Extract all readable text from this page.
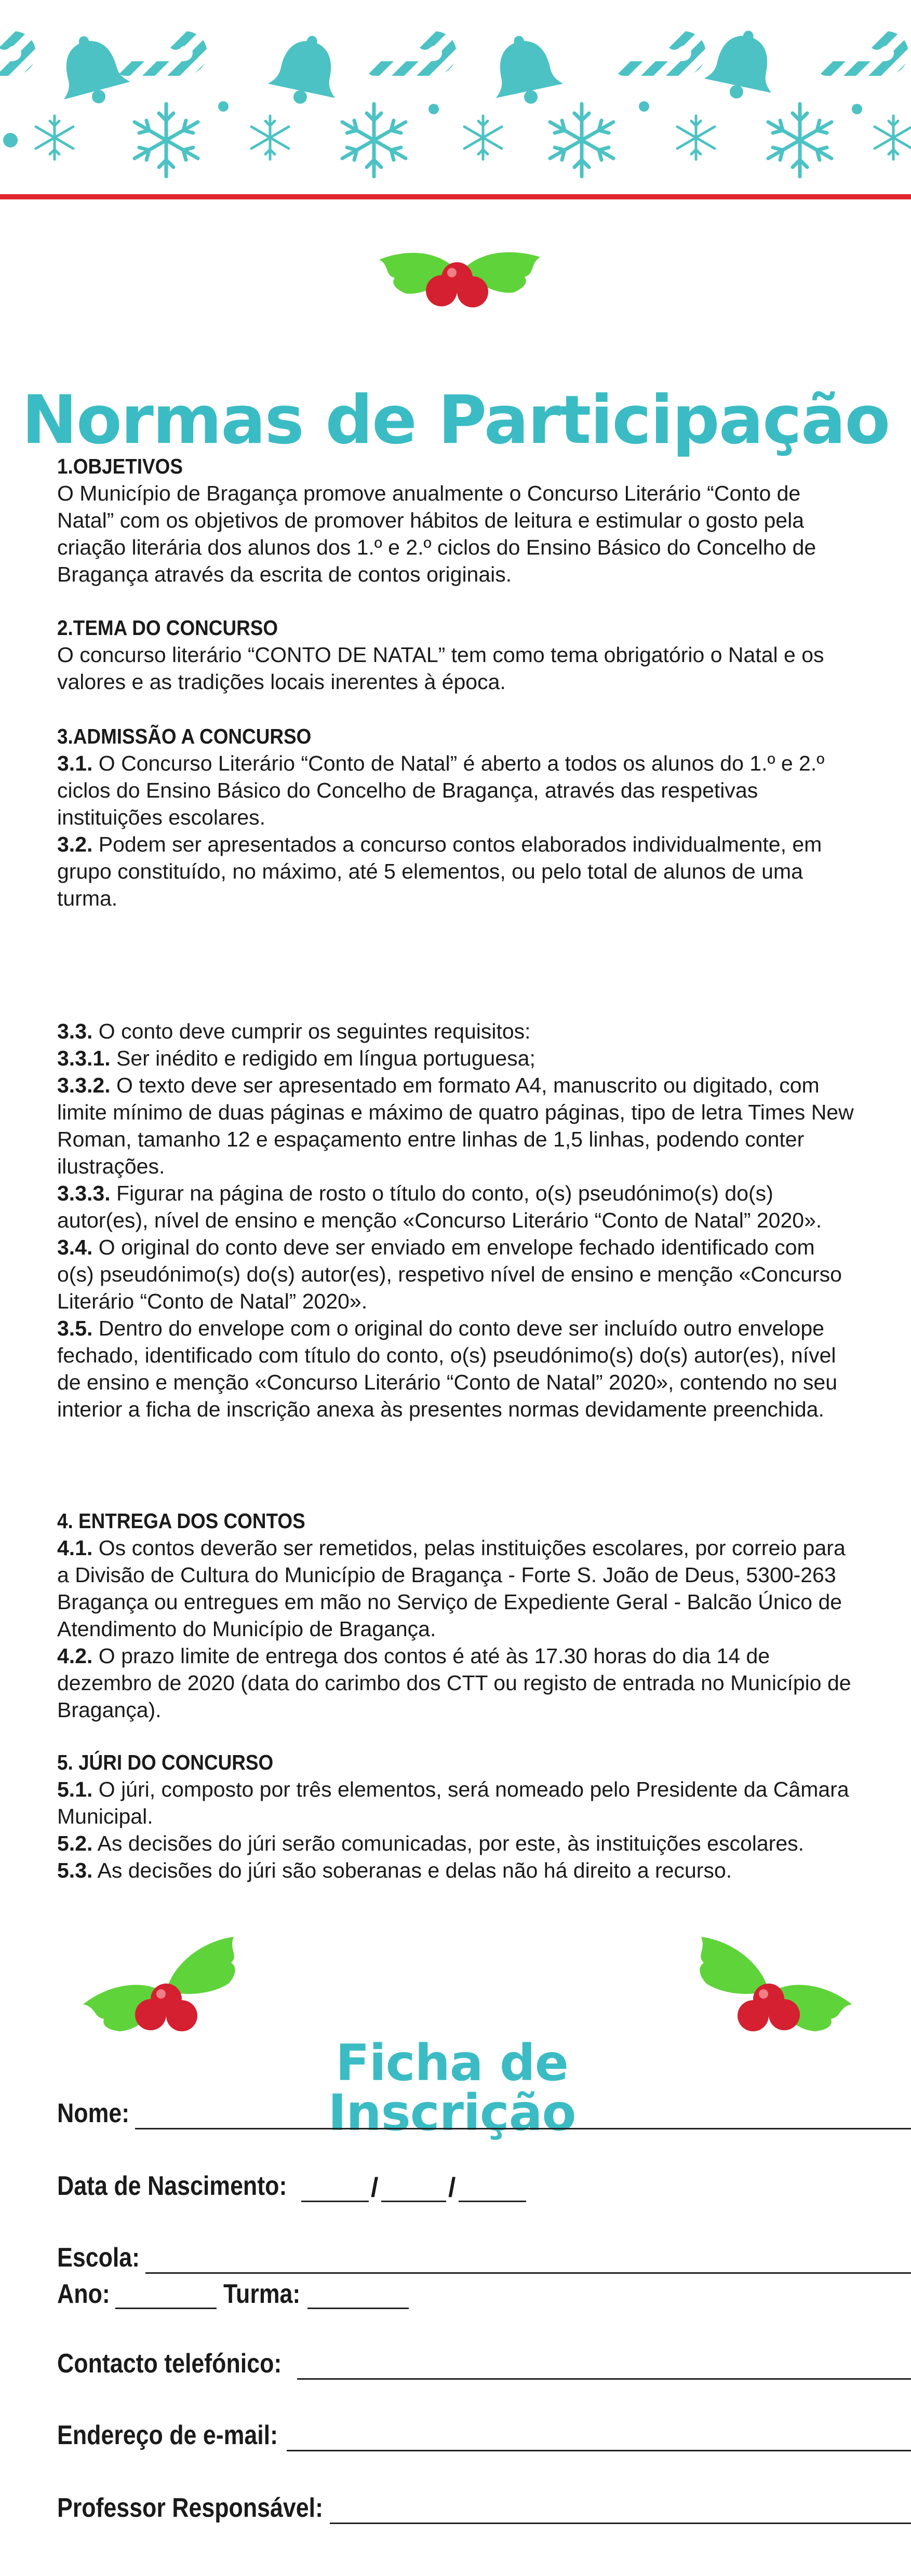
Normas de Participação

1.OBJETIVOS

O Município de Bragança promove anualmente o Concurso Literário “Conto de Natal” com os objetivos de promover hábitos de leitura e estimular o gosto pela criação literária dos alunos dos 1.º e 2.º ciclos do Ensino Básico do Concelho de Bragança através da escrita de contos originais.

2.TEMA DO CONCURSO

O concurso literário “CONTO DE NATAL” tem como tema obrigatório o Natal e os valores e as tradições locais inerentes à época.

3.ADMISSÃO A CONCURSO

3.1. O Concurso Literário “Conto de Natal” é aberto a todos os alunos do 1.º e 2.º ciclos do Ensino Básico do Concelho de Bragança, através das respetivas instituições escolares.

3.2. Podem ser apresentados a concurso contos elaborados individualmente, em grupo constituído, no máximo, até 5 elementos, ou pelo total de alunos de uma turma.

3.3. O conto deve cumprir os seguintes requisitos:

3.3.1. Ser inédito e redigido em língua portuguesa;

3.3.2. O texto deve ser apresentado em formato A4, manuscrito ou digitado, com limite mínimo de duas páginas e máximo de quatro páginas, tipo de letra Times New Roman, tamanho 12 e espaçamento entre linhas de 1,5 linhas, podendo conter ilustrações.

3.3.3. Figurar na página de rosto o título do conto, o(s) pseudónimo(s) do(s) autor(es), nível de ensino e menção «Concurso Literário “Conto de Natal” 2020».

3.4. O original do conto deve ser enviado em envelope fechado identificado com o(s) pseudónimo(s) do(s) autor(es), respetivo nível de ensino e menção «Concurso Literário “Conto de Natal” 2020».

3.5. Dentro do envelope com o original do conto deve ser incluído outro envelope fechado, identificado com título do conto, o(s) pseudónimo(s) do(s) autor(es), nível de ensino e menção «Concurso Literário “Conto de Natal” 2020», contendo no seu interior a ficha de inscrição anexa às presentes normas devidamente preenchida.

4. ENTREGA DOS CONTOS

4.1. Os contos deverão ser remetidos, pelas instituições escolares, por correio para a Divisão de Cultura do Município de Bragança - Forte S. João de Deus, 5300-263 Bragança ou entregues em mão no Serviço de Expediente Geral - Balcão Único de Atendimento do Município de Bragança.

4.2. O prazo limite de entrega dos contos é até às 17.30 horas do dia 14 de dezembro de 2020 (data do carimbo dos CTT ou registo de entrada no Município de Bragança).

5. JÚRI DO CONCURSO

5.1. O júri, composto por três elementos, será nomeado pelo Presidente da Câmara Municipal.

5.2. As decisões do júri serão comunicadas, por este, às instituições escolares.

5.3. As decisões do júri são soberanas e delas não há direito a recurso.

Ficha de Inscrição
Nome:
Data de Nascimento:	/	/
Escola:
Ano:	Turma:
Contacto telefónico:
Endereço de e-mail:
Professor Responsável:
